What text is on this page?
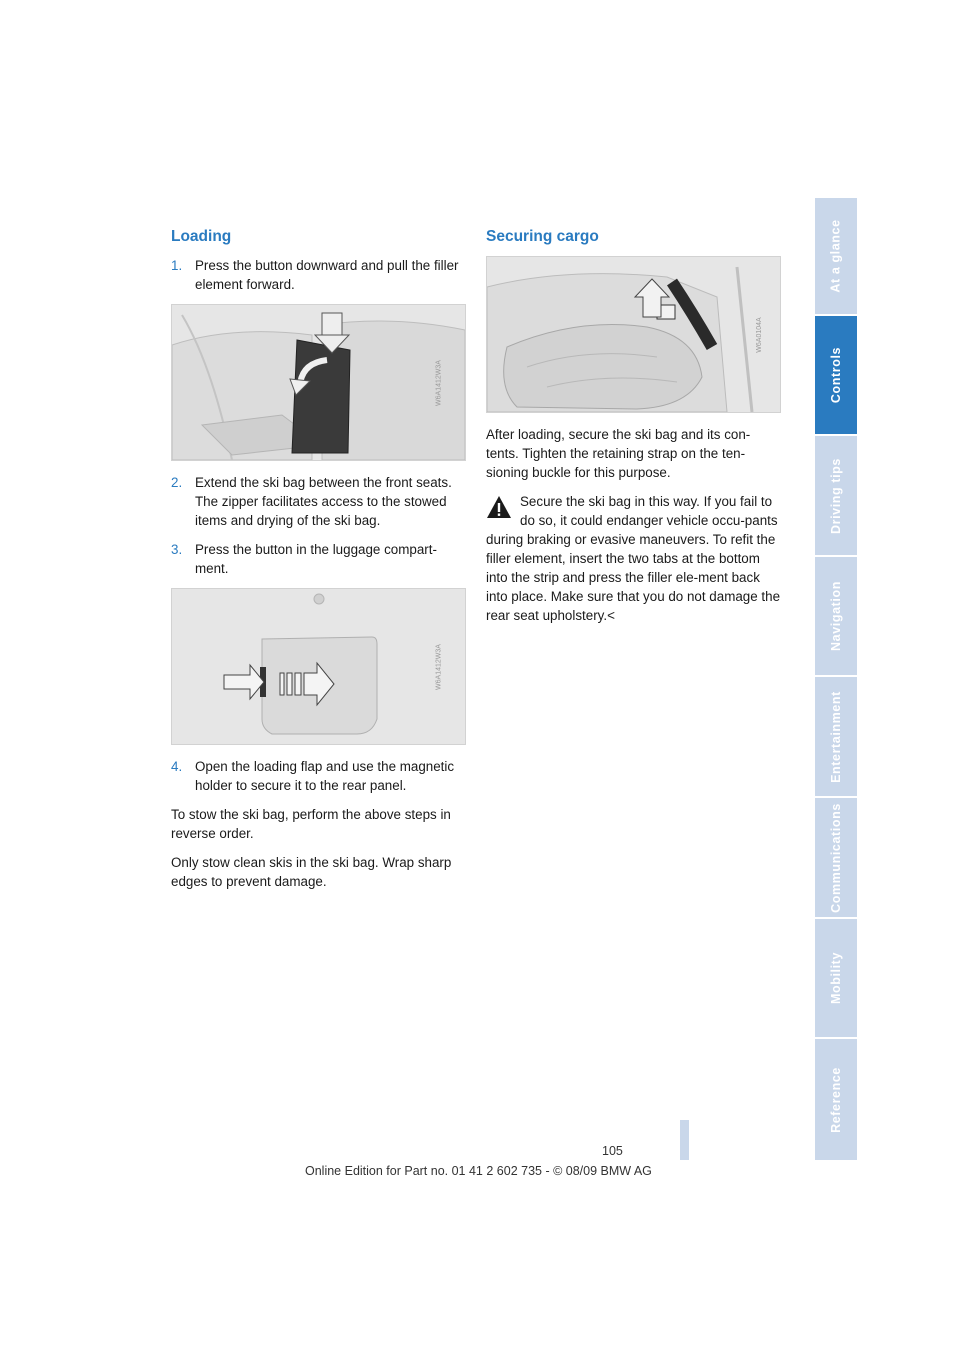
Loading
1. Press the button downward and pull the filler element forward.
W6A1412W3A
2. Extend the ski bag between the front seats. The zipper facilitates access to the stowed items and drying of the ski bag.
3. Press the button in the luggage compart-ment.
W6A1412W3A
4. Open the loading flap and use the magnetic holder to secure it to the rear panel.

To stow the ski bag, perform the above steps in reverse order.

Only stow clean skis in the ski bag. Wrap sharp edges to prevent damage.

Securing cargo
W6A0104A

After loading, secure the ski bag and its con-tents. Tighten the retaining strap on the ten-sioning buckle for this purpose.

Secure the ski bag in this way. If you fail to do so, it could endanger vehicle occu-pants during braking or evasive maneuvers. To refit the filler element, insert the two tabs at the bottom into the strip and press the filler ele-ment back into place. Make sure that you do not damage the rear seat upholstery.<

At a glance
Controls
Driving tips
Navigation
Entertainment
Communications
Mobility
Reference
105
Online Edition for Part no. 01 41 2 602 735 - © 08/09 BMW AG
